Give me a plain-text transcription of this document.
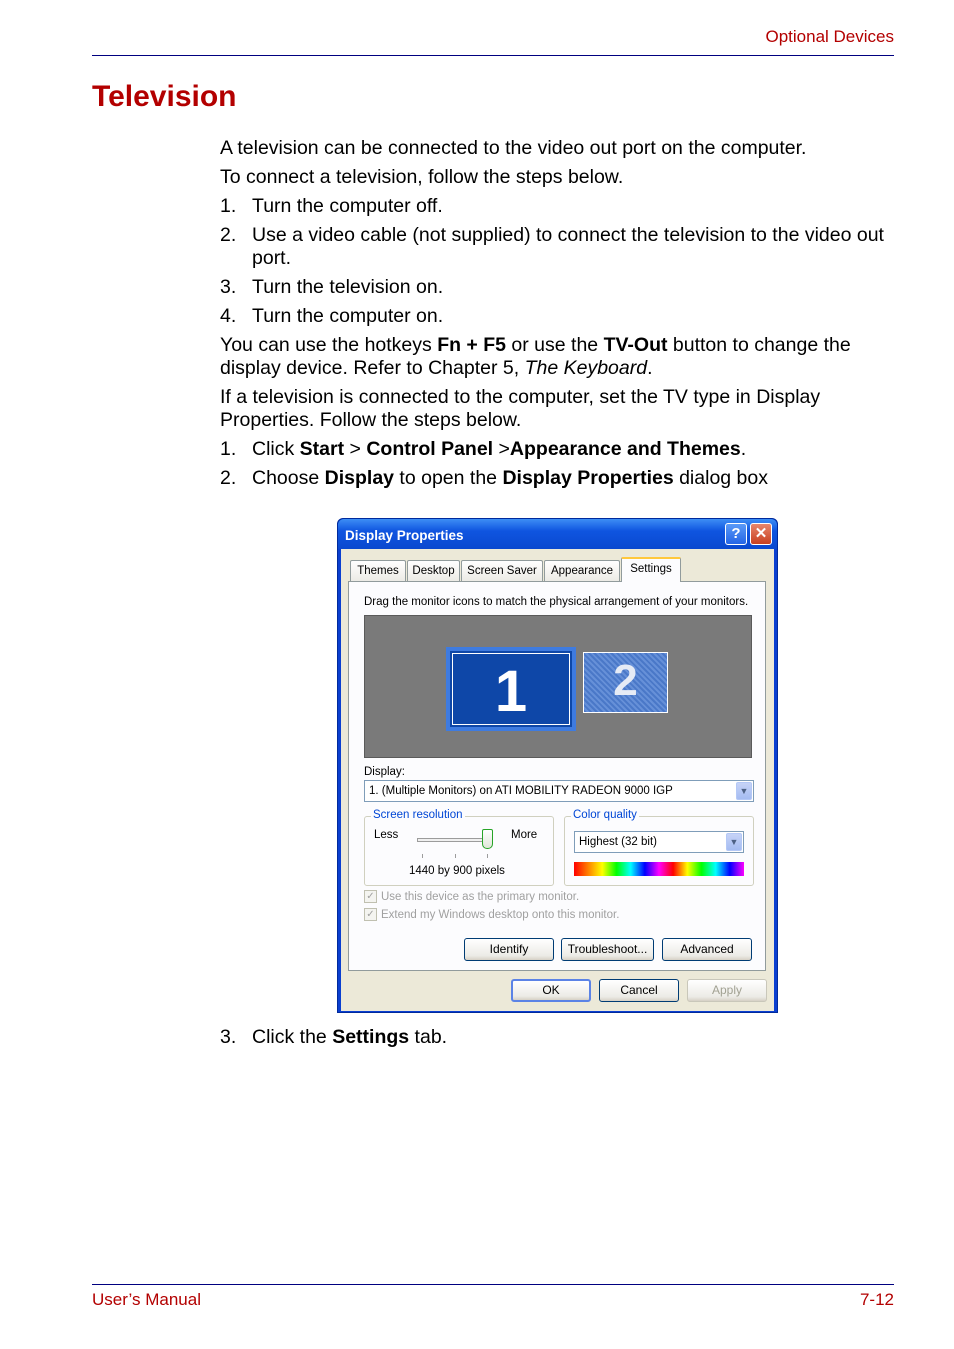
Optional Devices
Television

A television can be connected to the video out port on the computer.

To connect a television, follow the steps below.

1. Turn the computer off.
2. Use a video cable (not supplied) to connect the television to the video out port.
3. Turn the television on.
4. Turn the computer on.

You can use the hotkeys Fn + F5 or use the TV-Out button to change the display device. Refer to Chapter 5, The Keyboard.

If a television is connected to the computer, set the TV type in Display Properties. Follow the steps below.

1. Click Start > Control Panel >Appearance and Themes.
2. Choose Display to open the Display Properties dialog box
Display Properties	? ✕
Themes	Desktop	Screen Saver	Appearance	Settings
Drag the monitor icons to match the physical arrangement of your monitors.
1	2
Display:
1. (Multiple Monitors) on ATI MOBILITY RADEON 9000 IGP	▼
Screen resolution
Less	More
1440 by 900 pixels
Color quality
Highest (32 bit)	▼
✓ Use this device as the primary monitor.
✓ Extend my Windows desktop onto this monitor.
Identify	Troubleshoot...	Advanced
OK	Cancel	Apply
3. Click the Settings tab.
User’s Manual	7-12
